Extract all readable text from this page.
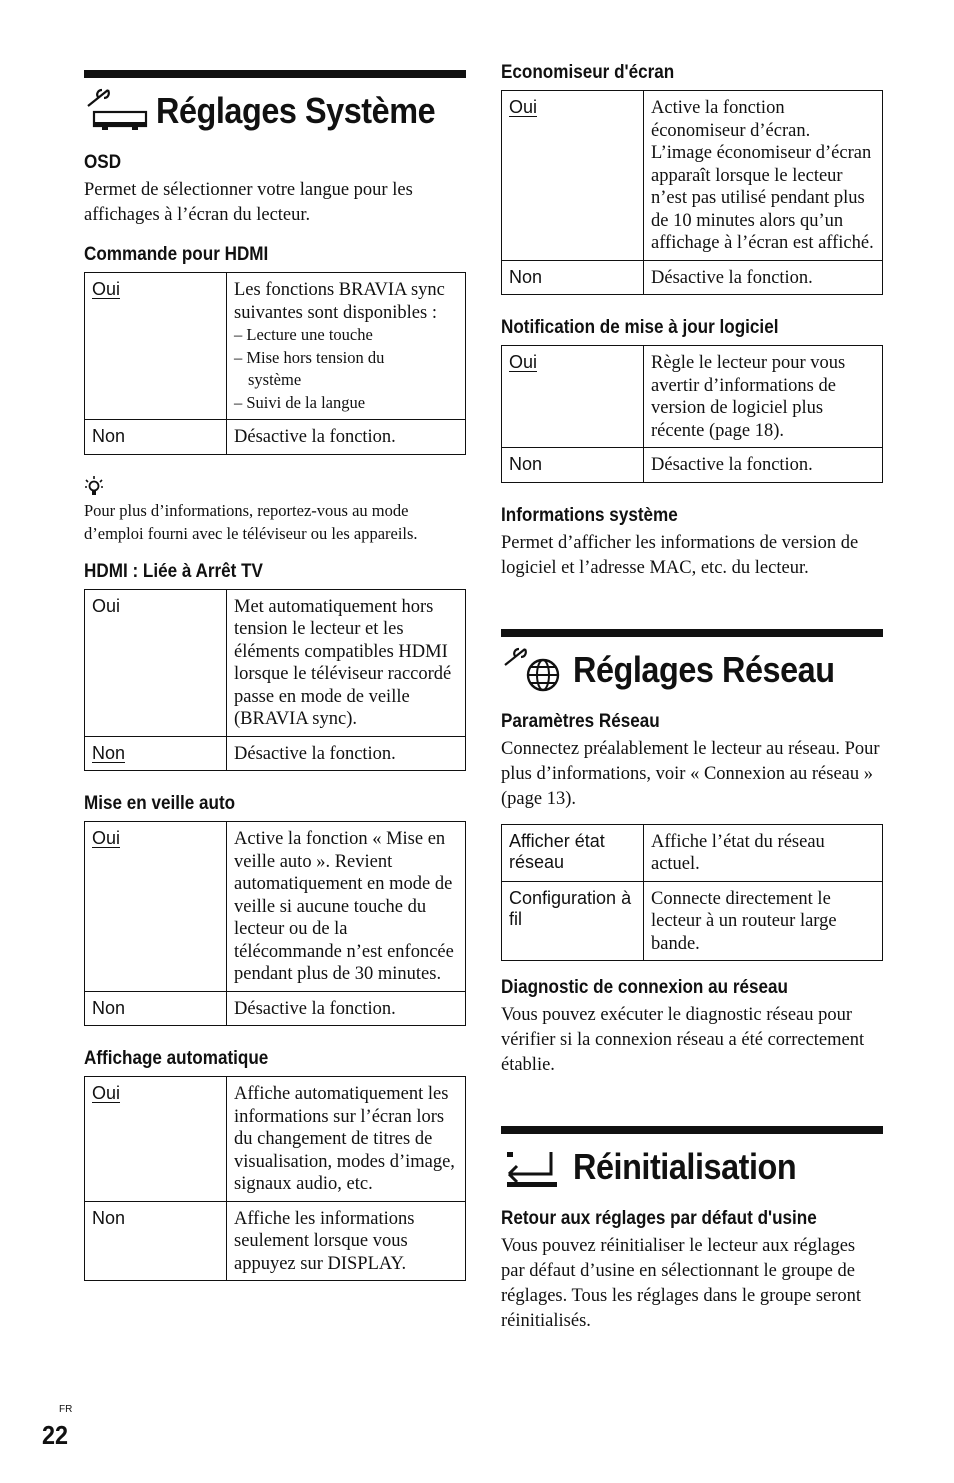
Réglages Système
OSD

Permet de sélectionner votre langue pour les affichages à l’écran du lecteur.

Commande pour HDMI
Oui	Les fonctions BRAVIA sync suivantes sont disponibles :
– Lecture une touche
– Mise hors tension du
système
– Suivi de la langue

Non	Désactive la fonction.

Pour plus d’informations, reportez-vous au mode d’emploi fourni avec le téléviseur ou les appareils.

HDMI : Liée à Arrêt TV
Oui	Met automatiquement hors tension le lecteur et les éléments compatibles HDMI lorsque le téléviseur raccordé passe en mode de veille (BRAVIA sync).
Non	Désactive la fonction.
Mise en veille auto
Oui	Active la fonction « Mise en veille auto ». Revient automatiquement en mode de veille si aucune touche du lecteur ou de la télécommande n’est enfoncée pendant plus de 30 minutes.
Non	Désactive la fonction.
Affichage automatique
Oui	Affiche automatiquement les informations sur l’écran lors du changement de titres de visualisation, modes d’image, signaux audio, etc.
Non	Affiche les informations seulement lorsque vous appuyez sur DISPLAY.
Economiseur d'écran
Oui	Active la fonction économiseur d’écran. L’image économiseur d’écran apparaît lorsque le lecteur n’est pas utilisé pendant plus de 10 minutes alors qu’un affichage à l’écran est affiché.
Non	Désactive la fonction.
Notification de mise à jour logiciel
Oui	Règle le lecteur pour vous avertir d’informations de version de logiciel plus récente (page 18).
Non	Désactive la fonction.
Informations système

Permet d’afficher les informations de version de logiciel et l’adresse MAC, etc. du lecteur.

Réglages Réseau
Paramètres Réseau

Connectez préalablement le lecteur au réseau. Pour plus d’informations, voir « Connexion au réseau » (page 13).

Afficher état réseau	Affiche l’état du réseau actuel.
Configuration à fil	Connecte directement le lecteur à un routeur large bande.
Diagnostic de connexion au réseau

Vous pouvez exécuter le diagnostic réseau pour vérifier si la connexion réseau a été correctement établie.

Réinitialisation
Retour aux réglages par défaut d'usine

Vous pouvez réinitialiser le lecteur aux réglages par défaut d’usine en sélectionnant le groupe de réglages. Tous les réglages dans le groupe seront réinitialisés.

FR
22
